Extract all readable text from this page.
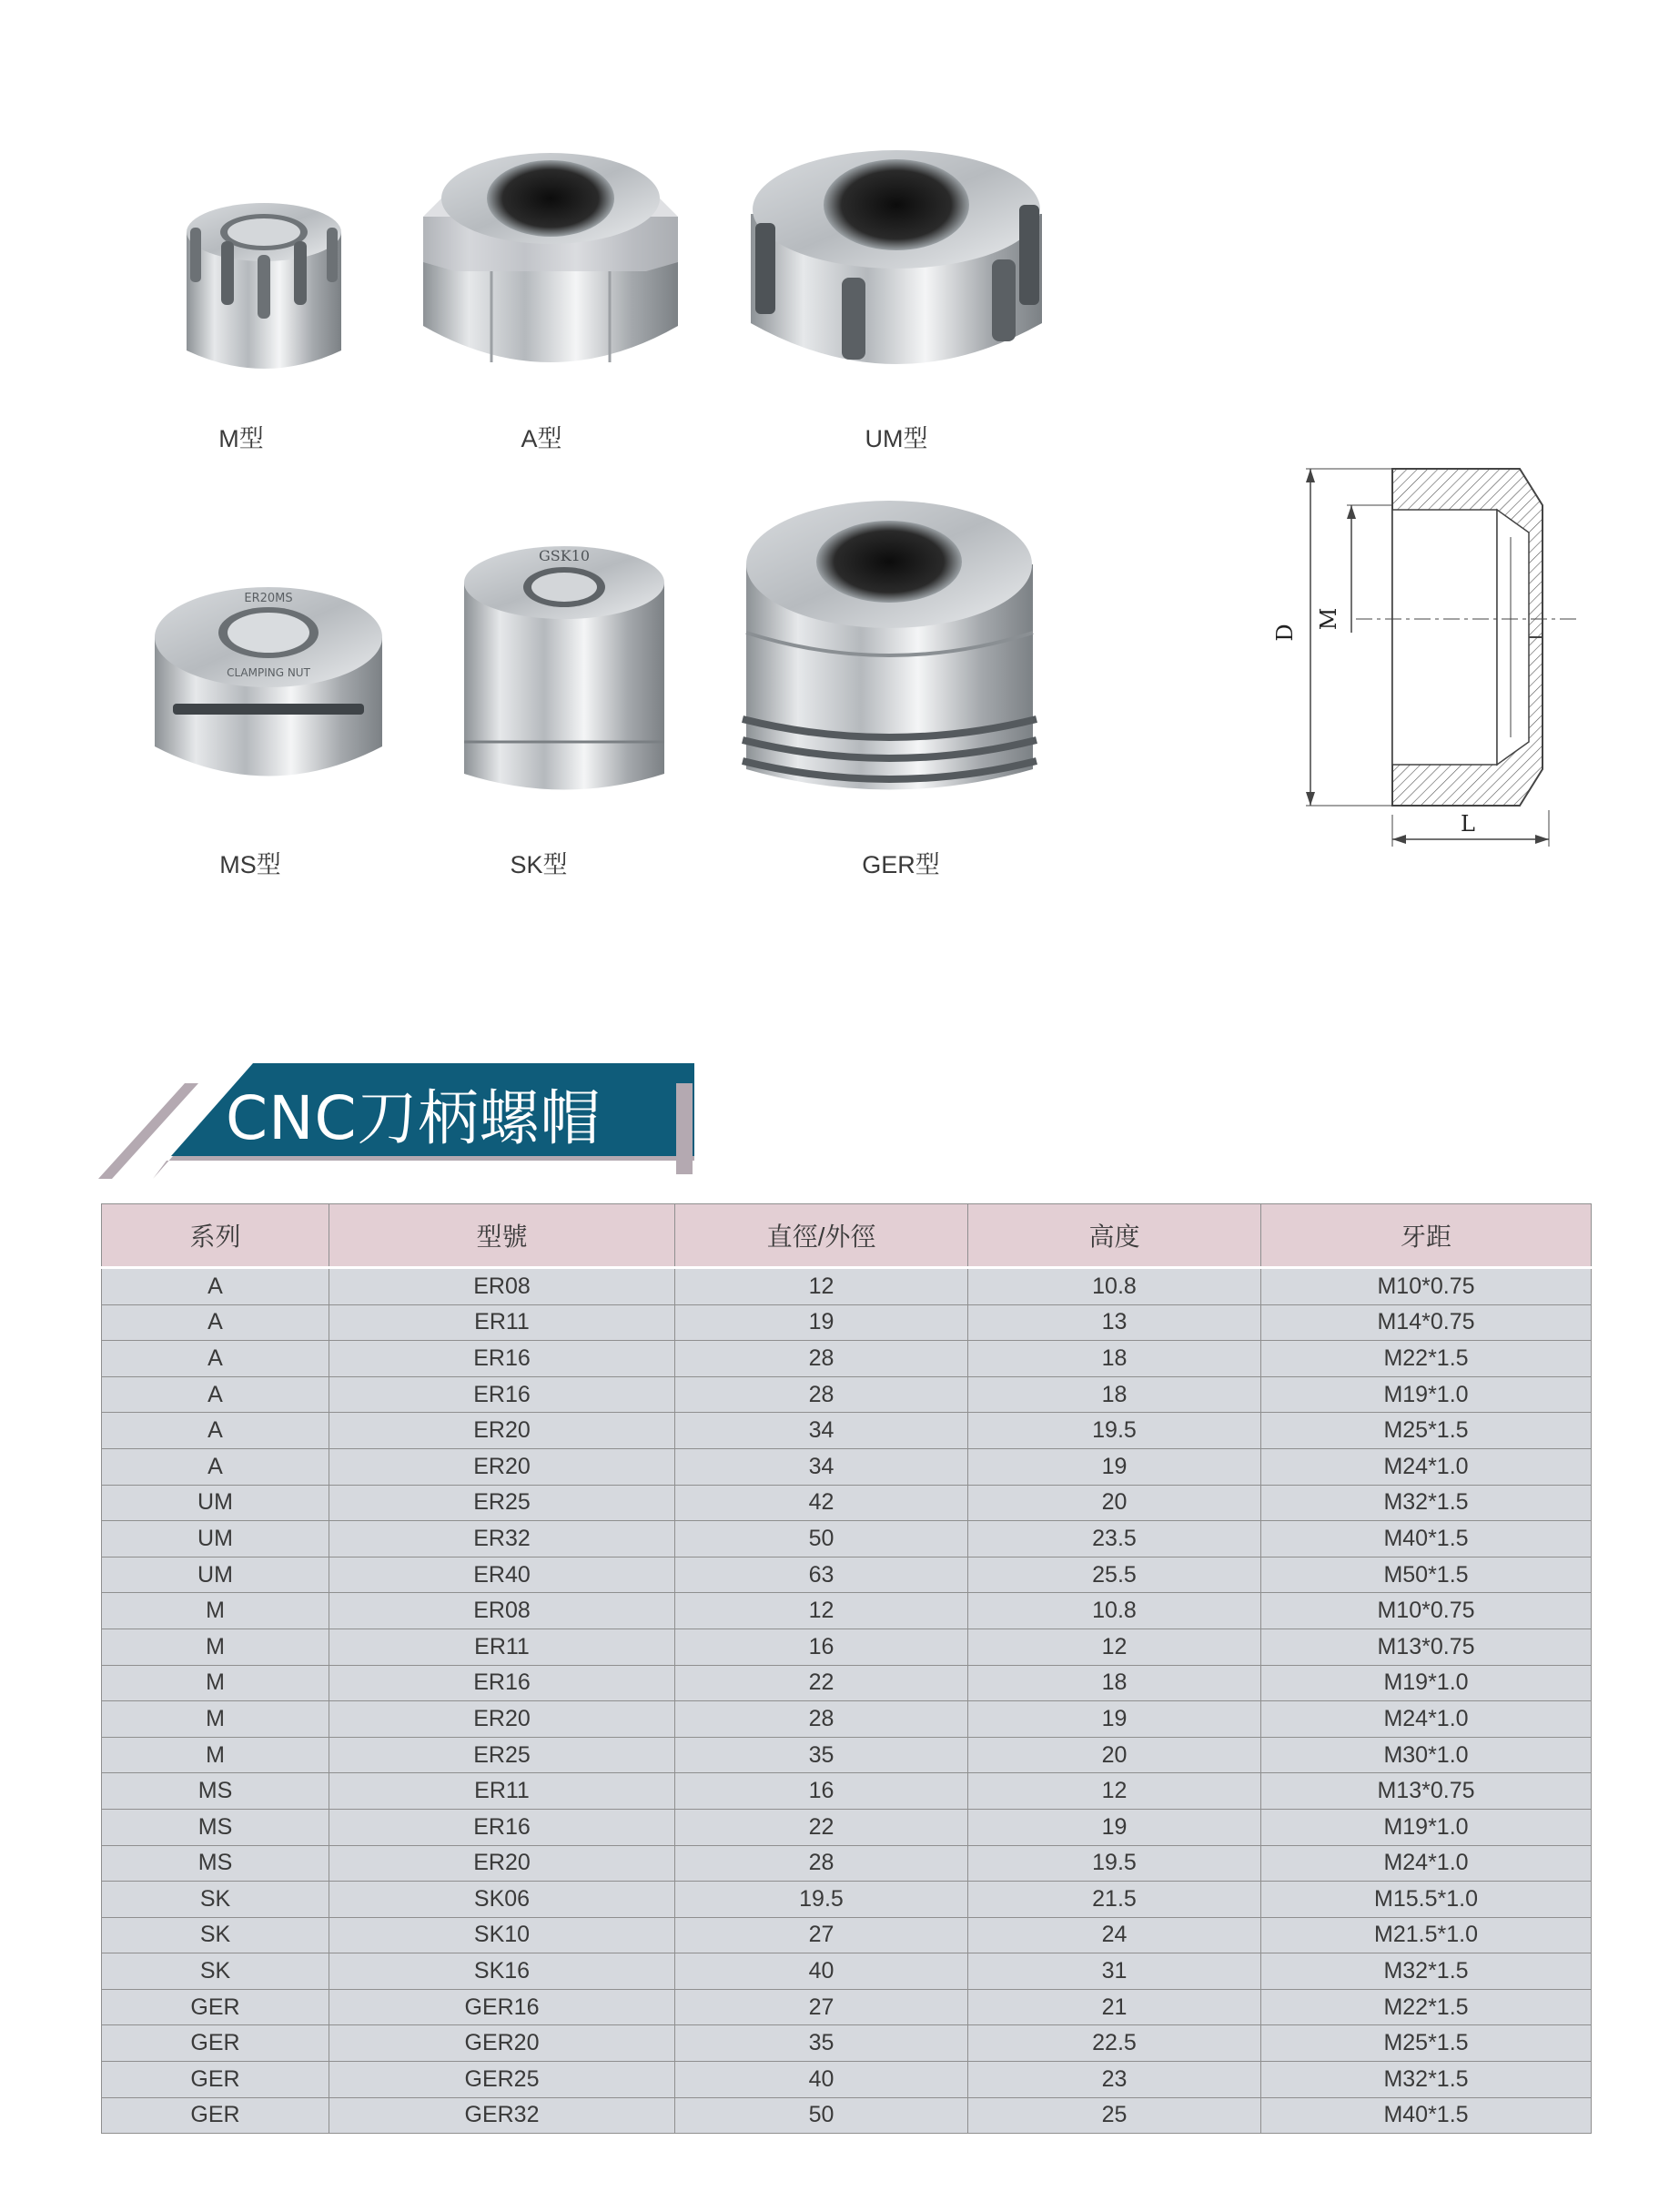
M型	A型	UM型
ER20MS
CLAMPING NUT
MS型
GSK10
SK型	GER型
D
M
L
CNC刀柄螺帽
系列	型號	直徑/外徑	高度	牙距
A	ER08	12	10.8	M10*0.75
A	ER11	19	13	M14*0.75
A	ER16	28	18	M22*1.5
A	ER16	28	18	M19*1.0
A	ER20	34	19.5	M25*1.5
A	ER20	34	19	M24*1.0
UM	ER25	42	20	M32*1.5
UM	ER32	50	23.5	M40*1.5
UM	ER40	63	25.5	M50*1.5
M	ER08	12	10.8	M10*0.75
M	ER11	16	12	M13*0.75
M	ER16	22	18	M19*1.0
M	ER20	28	19	M24*1.0
M	ER25	35	20	M30*1.0
MS	ER11	16	12	M13*0.75
MS	ER16	22	19	M19*1.0
MS	ER20	28	19.5	M24*1.0
SK	SK06	19.5	21.5	M15.5*1.0
SK	SK10	27	24	M21.5*1.0
SK	SK16	40	31	M32*1.5
GER	GER16	27	21	M22*1.5
GER	GER20	35	22.5	M25*1.5
GER	GER25	40	23	M32*1.5
GER	GER32	50	25	M40*1.5
